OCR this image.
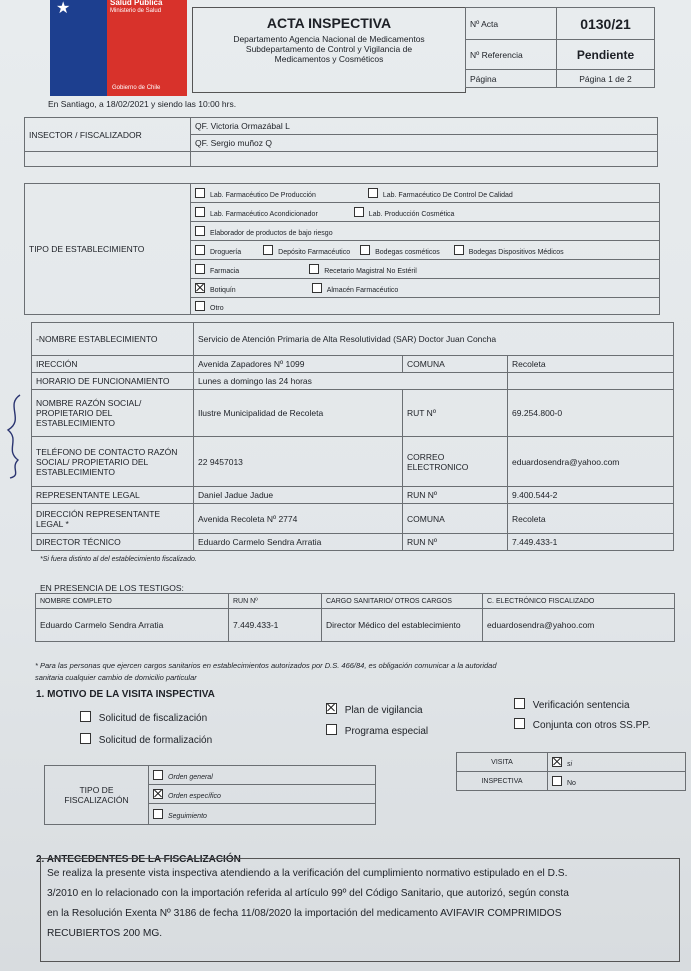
★	Salud Pública
Ministerio de Salud
Gobierno de Chile
ACTA INSPECTIVA
Departamento Agencia Nacional de Medicamentos
Subdepartamento de Control y Vigilancia de
Medicamentos y Cosméticos
Nº Acta	0130/21
Nº Referencia	Pendiente
Página	Página 1 de 2
En Santiago, a 18/02/2021 y siendo las 10:00 hrs.
INSECTOR / FISCALIZADOR	QF. Victoria Ormazábal L
	QF. Sergio muñoz Q

TIPO DE ESTABLECIMIENTO	Lab. Farmacéutico De Producción	Lab. Farmacéutico De Control De Calidad
Lab. Farmacéutico Acondicionador	Lab. Producción Cosmética
Elaborador de productos de bajo riesgo
Droguería	Depósito Farmacéutico	Bodegas cosméticos	Bodegas Dispositivos Médicos
Farmacia	Recetario Magistral No Estéril
Botiquín	Almacén Farmacéutico
Otro
-NOMBRE ESTABLECIMIENTO	Servicio de Atención Primaria de Alta Resolutividad (SAR) Doctor Juan Concha		
IRECCIÓN	Avenida Zapadores Nº 1099	COMUNA	Recoleta
HORARIO DE FUNCIONAMIENTO	Lunes a domingo las 24 horas		
NOMBRE RAZÓN SOCIAL/ PROPIETARIO DEL ESTABLECIMIENTO	Ilustre Municipalidad de Recoleta	RUT Nº	69.254.800-0
TELÉFONO DE CONTACTO RAZÓN SOCIAL/ PROPIETARIO DEL ESTABLECIMIENTO	22 9457013	CORREO ELECTRONICO	eduardosendra@yahoo.com
REPRESENTANTE LEGAL	Daniel Jadue Jadue	RUN Nº	9.400.544-2
DIRECCIÓN REPRESENTANTE LEGAL *	Avenida Recoleta Nº 2774	COMUNA	Recoleta
DIRECTOR TÉCNICO	Eduardo Carmelo Sendra Arratia	RUN Nº	7.449.433-1
*Si fuera distinto al del establecimiento fiscalizado.
EN PRESENCIA DE LOS TESTIGOS:
NOMBRE COMPLETO	RUN Nº	CARGO SANITARIO/ OTROS CARGOS	C. ELECTRÓNICO FISCALIZADO
Eduardo Carmelo Sendra Arratia	7.449.433-1	Director Médico del establecimiento	eduardosendra@yahoo.com
* Para las personas que ejercen cargos sanitarios en establecimientos autorizados por D.S. 466/84, es obligación comunicar a la autoridad
sanitaria cualquier cambio de domicilio particular
1. MOTIVO DE LA VISITA INSPECTIVA
Solicitud de fiscalización
Solicitud de formalización
Plan de vigilancia
Programa especial
Verificación sentencia
Conjunta con otros SS.PP.
TIPO DE
FISCALIZACIÓN
	Orden general
Orden específico
Seguimiento
VISITA	si
INSPECTIVA	No
2. ANTECEDENTES DE LA FISCALIZACIÓN
Se realiza la presente vista inspectiva atendiendo a la verificación del cumplimiento normativo estipulado en el D.S.
3/2010 en lo relacionado con la importación referida al artículo 99º del Código Sanitario, que autorizó, según consta
en la Resolución Exenta Nº 3186 de fecha 11/08/2020 la importación del medicamento AVIFAVIR COMPRIMIDOS
RECUBIERTOS 200 MG.
